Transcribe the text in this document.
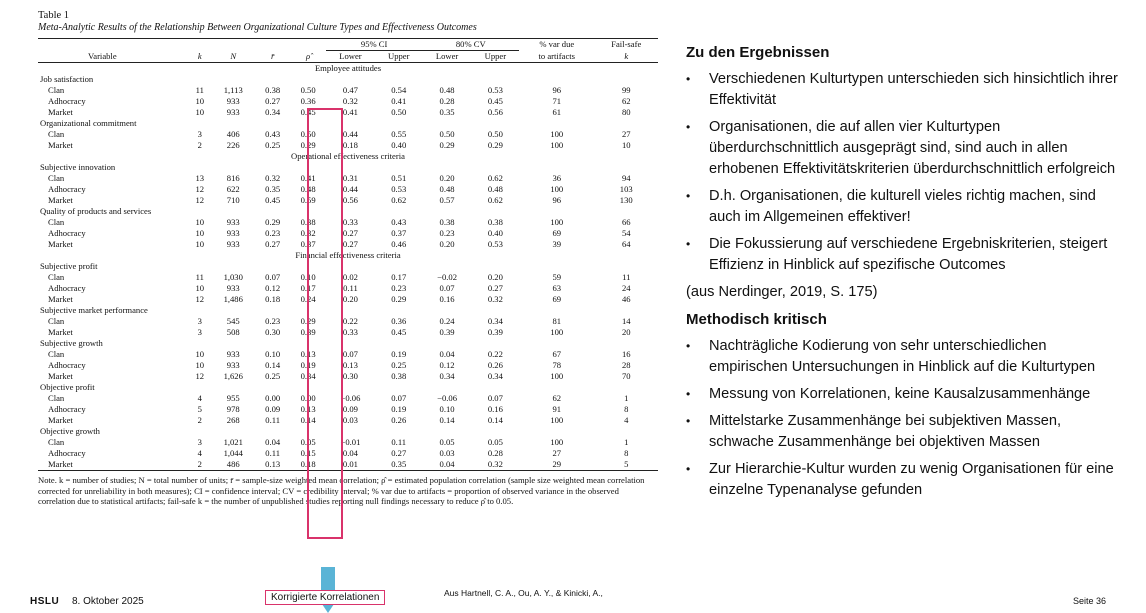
Table 1
Meta-Analytic Results of the Relationship Between Organizational Culture Types and Effectiveness Outcomes
					95% CI		80% CV		% var due	Fail-safe
Variable	k	N	r̄	ρ̂	Lower	Upper	Lower	Upper	to artifacts	k
Employee attitudes										
Job satisfaction										
Clan	11	1,113	0.38	0.50	0.47	0.54	0.48	0.53	96	99
Adhocracy	10	933	0.27	0.36	0.32	0.41	0.28	0.45	71	62
Market	10	933	0.34	0.45	0.41	0.50	0.35	0.56	61	80
Organizational commitment										
Clan	3	406	0.43	0.50	0.44	0.55	0.50	0.50	100	27
Market	2	226	0.25	0.29	0.18	0.40	0.29	0.29	100	10
Operational effectiveness criteria										
Subjective innovation										
Clan	13	816	0.32	0.41	0.31	0.51	0.20	0.62	36	94
Adhocracy	12	622	0.35	0.48	0.44	0.53	0.48	0.48	100	103
Market	12	710	0.45	0.59	0.56	0.62	0.57	0.62	96	130
Quality of products and services										
Clan	10	933	0.29	0.38	0.33	0.43	0.38	0.38	100	66
Adhocracy	10	933	0.23	0.32	0.27	0.37	0.23	0.40	69	54
Market	10	933	0.27	0.37	0.27	0.46	0.20	0.53	39	64
Financial effectiveness criteria										
Subjective profit										
Clan	11	1,030	0.07	0.10	0.02	0.17	−0.02	0.20	59	11
Adhocracy	10	933	0.12	0.17	0.11	0.23	0.07	0.27	63	24
Market	12	1,486	0.18	0.24	0.20	0.29	0.16	0.32	69	46
Subjective market performance										
Clan	3	545	0.23	0.29	0.22	0.36	0.24	0.34	81	14
Market	3	508	0.30	0.39	0.33	0.45	0.39	0.39	100	20
Subjective growth										
Clan	10	933	0.10	0.13	0.07	0.19	0.04	0.22	67	16
Adhocracy	10	933	0.14	0.19	0.13	0.25	0.12	0.26	78	28
Market	12	1,626	0.25	0.34	0.30	0.38	0.34	0.34	100	70
Objective profit										
Clan	4	955	0.00	0.00	−0.06	0.07	−0.06	0.07	62	1
Adhocracy	5	978	0.09	0.13	0.09	0.19	0.10	0.16	91	8
Market	2	268	0.11	0.14	0.03	0.26	0.14	0.14	100	4
Objective growth										
Clan	3	1,021	0.04	0.05	−0.01	0.11	0.05	0.05	100	1
Adhocracy	4	1,044	0.11	0.15	0.04	0.27	0.03	0.28	27	8
Market	2	486	0.13	0.18	0.01	0.35	0.04	0.32	29	5
Note. k = number of studies; N = total number of units; r̄ = sample-size weighted mean correlation; ρ̂ = estimated population correlation (sample size weighted mean correlation corrected for unreliability in both measures); CI = confidence interval; CV = credibility interval; % var due to artifacts = proportion of observed variance in the observed correlation due to statistical artifacts; fail-safe k = the number of unpublished studies reporting null findings necessary to reduce ρ̂ to 0.05.
Zu den Ergebnissen
• Verschiedenen Kulturtypen unterschieden sich hinsichtlich ihrer Effektivität
• Organisationen, die auf allen vier Kulturtypen überdurchschnittlich ausgeprägt sind, sind auch in allen erhobenen Effektivitätskriterien überdurchschnittlich erfolgreich
• D.h. Organisationen, die kulturell vieles richtig machen, sind auch im Allgemeinen effektiver!
• Die Fokussierung auf verschiedene Ergebniskriterien, steigert Effizienz in Hinblick auf spezifische Outcomes
(aus Nerdinger, 2019, S. 175)
Methodisch kritisch
• Nachträgliche Kodierung von sehr unterschiedlichen empirischen Untersuchungen in Hinblick auf die Kulturtypen
• Messung von Korrelationen, keine Kausalzusammenhänge
• Mittelstarke Zusammenhänge bei subjektiven Massen, schwache Zusammenhänge bei objektiven Massen
• Zur Hierarchie-Kultur wurden zu wenig Organisationen für eine einzelne Typenanalyse gefunden
HSLU 8. Oktober 2025	Korrigierte Korrelationen	Aus Hartnell, C. A., Ou, A. Y., & Kinicki, A.,
Seite 36
